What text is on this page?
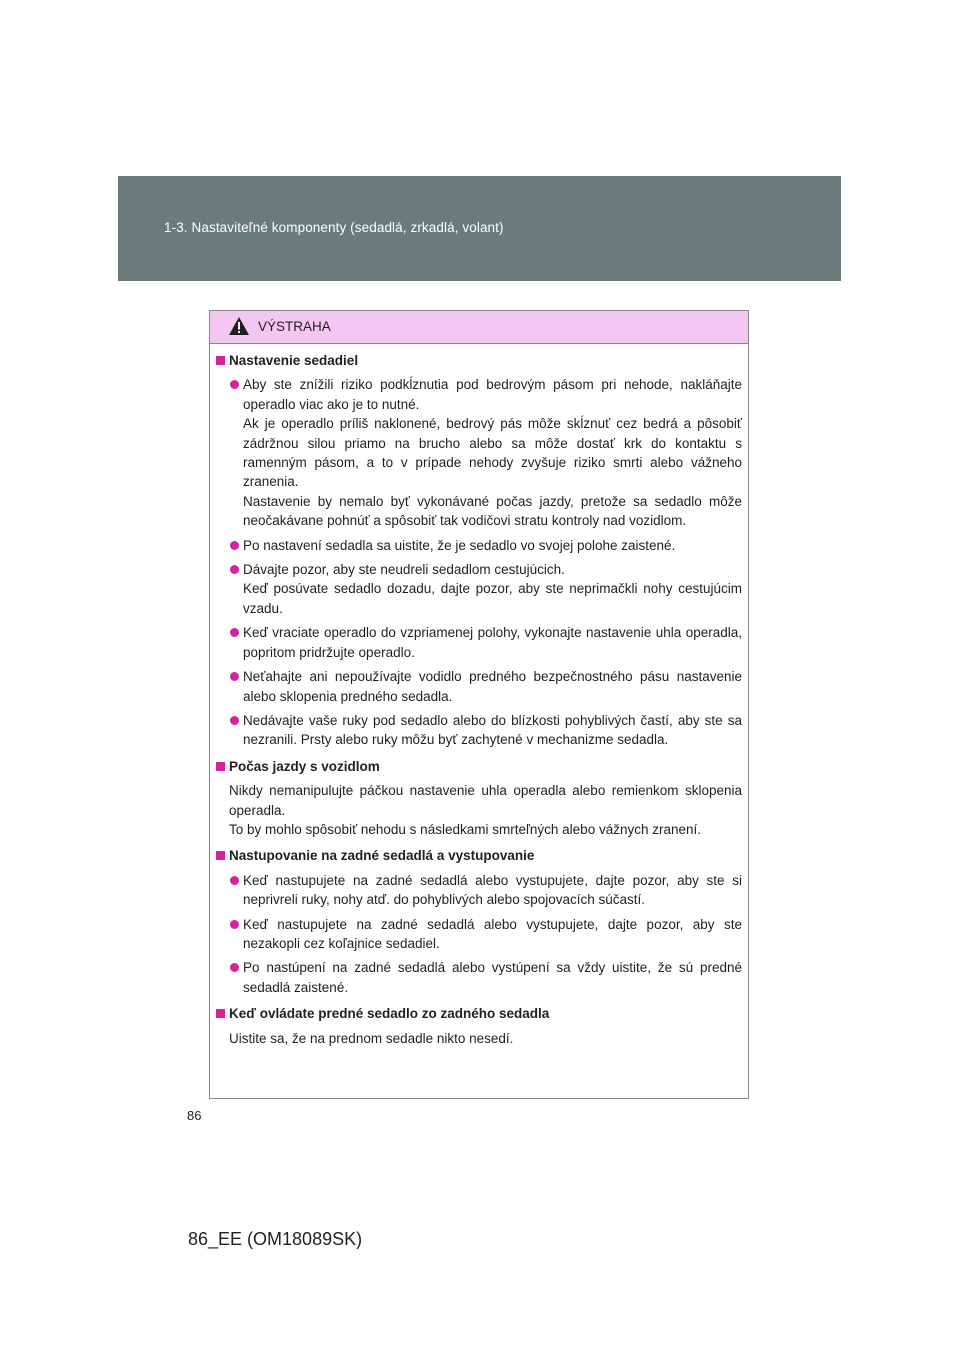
1-3. Nastaviteľné komponenty (sedadlá, zrkadlá, volant)
VÝSTRAHA
Nastavenie sedadiel
Aby ste znížili riziko podkĺznutia pod bedrovým pásom pri nehode, nakláňajte operadlo viac ako je to nutné.
Ak je operadlo príliš naklonené, bedrový pás môže skĺznuť cez bedrá a pôsobiť zádržnou silou priamo na brucho alebo sa môže dostať krk do kontaktu s ramenným pásom, a to v prípade nehody zvyšuje riziko smrti alebo vážneho zranenia.
Nastavenie by nemalo byť vykonávané počas jazdy, pretože sa sedadlo môže neočakávane pohnúť a spôsobiť tak vodičovi stratu kontroly nad vozidlom.
Po nastavení sedadla sa uistite, že je sedadlo vo svojej polohe zaistené.
Dávajte pozor, aby ste neudreli sedadlom cestujúcich.
Keď posúvate sedadlo dozadu, dajte pozor, aby ste neprimačkli nohy cestujúcim vzadu.
Keď vraciate operadlo do vzpriamenej polohy, vykonajte nastavenie uhla operadla, popritom pridržujte operadlo.
Neťahajte ani nepoužívajte vodidlo predného bezpečnostného pásu nastavenie alebo sklopenia predného sedadla.
Nedávajte vaše ruky pod sedadlo alebo do blízkosti pohyblivých častí, aby ste sa nezranili. Prsty alebo ruky môžu byť zachytené v mechanizme sedadla.
Počas jazdy s vozidlom
Nikdy nemanipulujte páčkou nastavenie uhla operadla alebo remienkom sklopenia operadla.
To by mohlo spôsobiť nehodu s následkami smrteľných alebo vážnych zranení.
Nastupovanie na zadné sedadlá a vystupovanie
Keď nastupujete na zadné sedadlá alebo vystupujete, dajte pozor, aby ste si neprivreli ruky, nohy atď. do pohyblivých alebo spojovacích súčastí.
Keď nastupujete na zadné sedadlá alebo vystupujete, dajte pozor, aby ste nezakopli cez koľajnice sedadiel.
Po nastúpení na zadné sedadlá alebo vystúpení sa vždy uistite, že sú predné sedadlá zaistené.
Keď ovládate predné sedadlo zo zadného sedadla
Uistite sa, že na prednom sedadle nikto nesedí.
86
86_EE (OM18089SK)
